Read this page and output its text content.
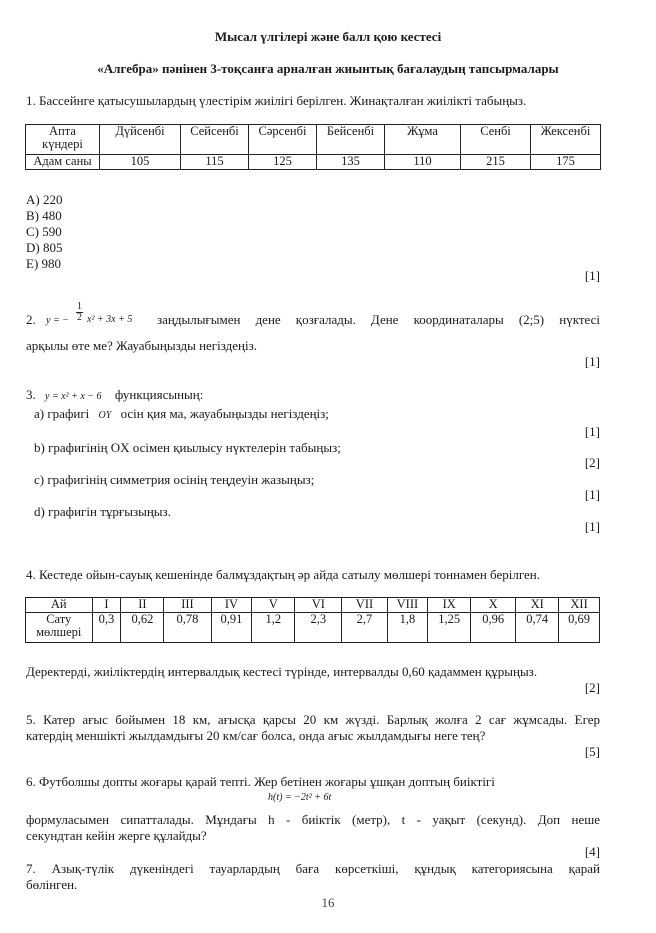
Мысал үлгілері және балл қою кестесі
«Алгебра» пәнінен 3-тоқсанға арналған жиынтық бағалаудың тапсырмалары
1. Бассейнге қатысушылардың үлестірім жиілігі берілген. Жинақталған жиілікті табыңыз.
Апта
күндері	Дүйсенбі	Сейсенбі	Сәрсенбі	Бейсенбі	Жұма	Сенбі	Жексенбі
Адам саны	105	115	125	135	110	215	175
A) 220
B) 480
C) 590
D) 805
E) 980
[1]
2. y = − $\frac{1}{2} x^2 + 3x + 5$ заңдылығымен дене қозғалады. Дене координаталары (2;5) нүктесі
арқылы өте ме? Жауабыңызды негіздеңіз.
[1]
3. y = x² + x − 6 функциясының:
a) графигі OY осін қия ма, жауабыңызды негіздеңіз;
[1]
b) графигінің OX осімен қиылысу нүктелерін табыңыз;
[2]
c) графигінің симметрия осінің теңдеуін жазыңыз;
[1]
d) графигін тұрғызыңыз.
[1]
4. Кестеде ойын-сауық кешенінде балмұздақтың әр айда сатылу мөлшері тоннамен берілген.
Ай	I	II	III	IV	V	VI	VII	VIII	IX	X	XI	XII
Сату
мөлшері	0,3	0,62	0,78	0,91	1,2	2,3	2,7	1,8	1,25	0,96	0,74	0,69
Деректерді, жиіліктердің интервалдық кестесі түрінде, интервалды 0,60 қадаммен құрыңыз.
[2]
5. Катер ағыс бойымен 18 км, ағысқа қарсы 20 км жүзді. Барлық жолға 2 сағ жұмсады. Егер
катердің меншікті жылдамдығы 20 км/сағ болса, онда ағыс жылдамдығы неге тең?
[5]
6. Футболшы допты жоғары қарай тепті. Жер бетінен жоғары ұшқан доптың биіктігі
h(t) = −2t² + 6t
формуласымен сипатталады. Мұндағы h - биіктік (метр), t - уақыт (секунд). Доп неше
секундтан кейін жерге құлайды?
[4]
7. Азық-түлік дүкеніндегі тауарлардың баға көрсеткіші, құндық категориясына қарай
бөлінген.
16
